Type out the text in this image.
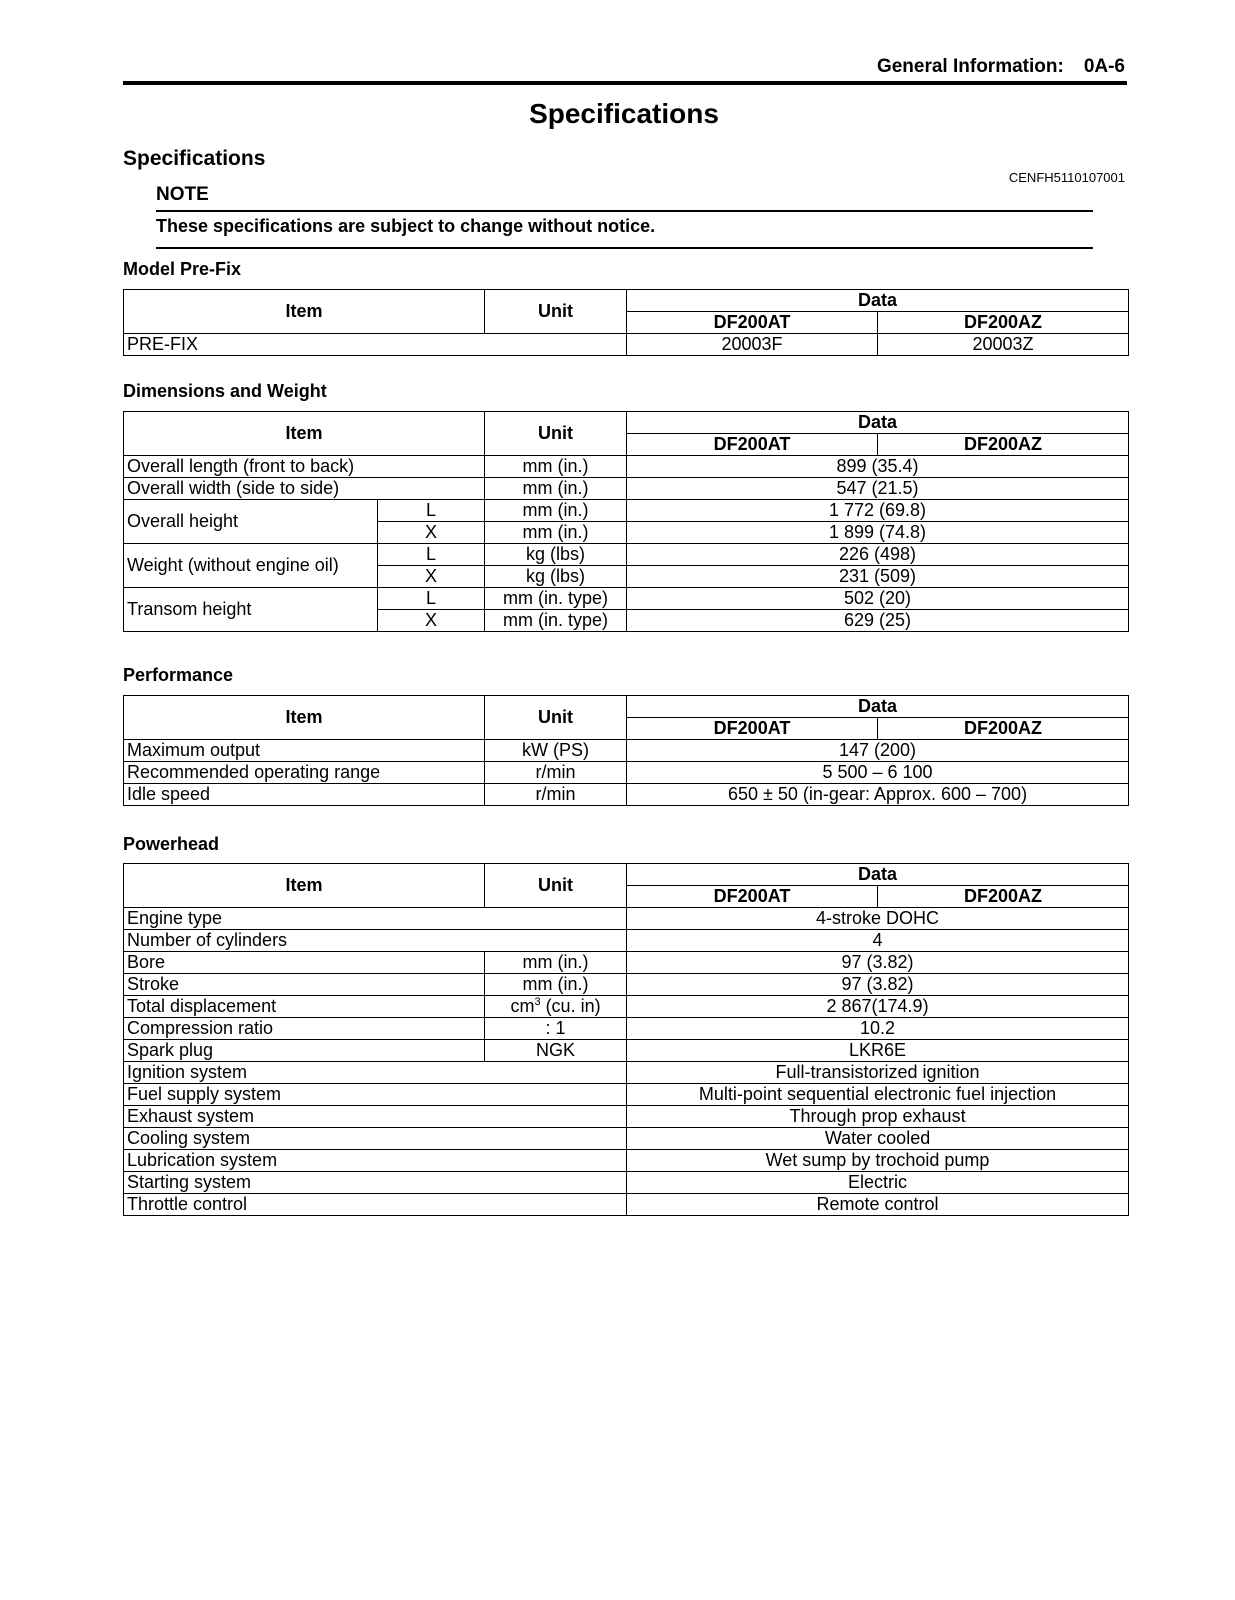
General Information: 0A-6
Specifications
Specifications
CENFH5110107001
NOTE
These specifications are subject to change without notice.
Model Pre-Fix
Item	Unit	Data	
		DF200AT	DF200AZ
PRE-FIX		20003F	20003Z
Dimensions and Weight
Item		Unit	Data	
			DF200AT	DF200AZ
Overall length (front to back)		mm (in.)	899 (35.4)	
Overall width (side to side)		mm (in.)	547 (21.5)	
Overall height	L	mm (in.)	1 772 (69.8)	
	X	mm (in.)	1 899 (74.8)	
Weight (without engine oil)	L	kg (lbs)	226 (498)	
	X	kg (lbs)	231 (509)	
Transom height	L	mm (in. type)	502 (20)	
	X	mm (in. type)	629 (25)	
Performance
Item	Unit	Data	
		DF200AT	DF200AZ
Maximum output	kW (PS)	147 (200)	
Recommended operating range	r/min	5 500 – 6 100	
Idle speed	r/min	650 ± 50 (in-gear: Approx. 600 – 700)	
Powerhead
Item	Unit	Data	
		DF200AT	DF200AZ
Engine type		4-stroke DOHC	
Number of cylinders		4	
Bore	mm (in.)	97 (3.82)	
Stroke	mm (in.)	97 (3.82)	
Total displacement	$cm^3$ (cu. in)	2 867(174.9)	
Compression ratio	: 1	10.2	
Spark plug	NGK	LKR6E	
Ignition system		Full-transistorized ignition	
Fuel supply system		Multi-point sequential electronic fuel injection	
Exhaust system		Through prop exhaust	
Cooling system		Water cooled	
Lubrication system		Wet sump by trochoid pump	
Starting system		Electric	
Throttle control		Remote control	
